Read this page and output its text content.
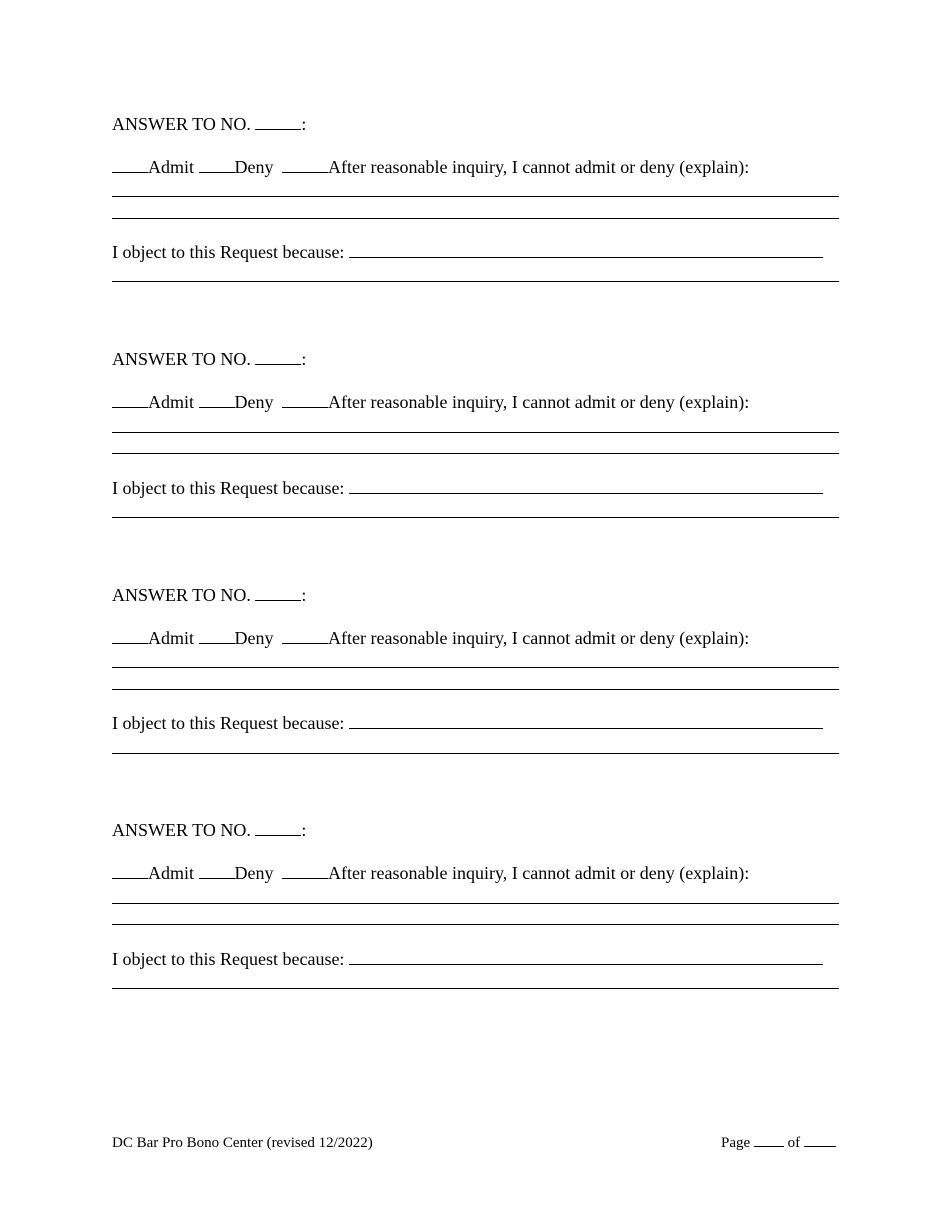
ANSWER TO NO.	:
Admit Deny	After reasonable inquiry, I cannot admit or deny (explain):
I object to this Request because:
ANSWER TO NO.	:
Admit Deny	After reasonable inquiry, I cannot admit or deny (explain):
I object to this Request because:
ANSWER TO NO.	:
Admit Deny	After reasonable inquiry, I cannot admit or deny (explain):
I object to this Request because:
ANSWER TO NO.	:
Admit Deny	After reasonable inquiry, I cannot admit or deny (explain):
I object to this Request because:
DC Bar Pro Bono Center (revised 12/2022)	Page	of
